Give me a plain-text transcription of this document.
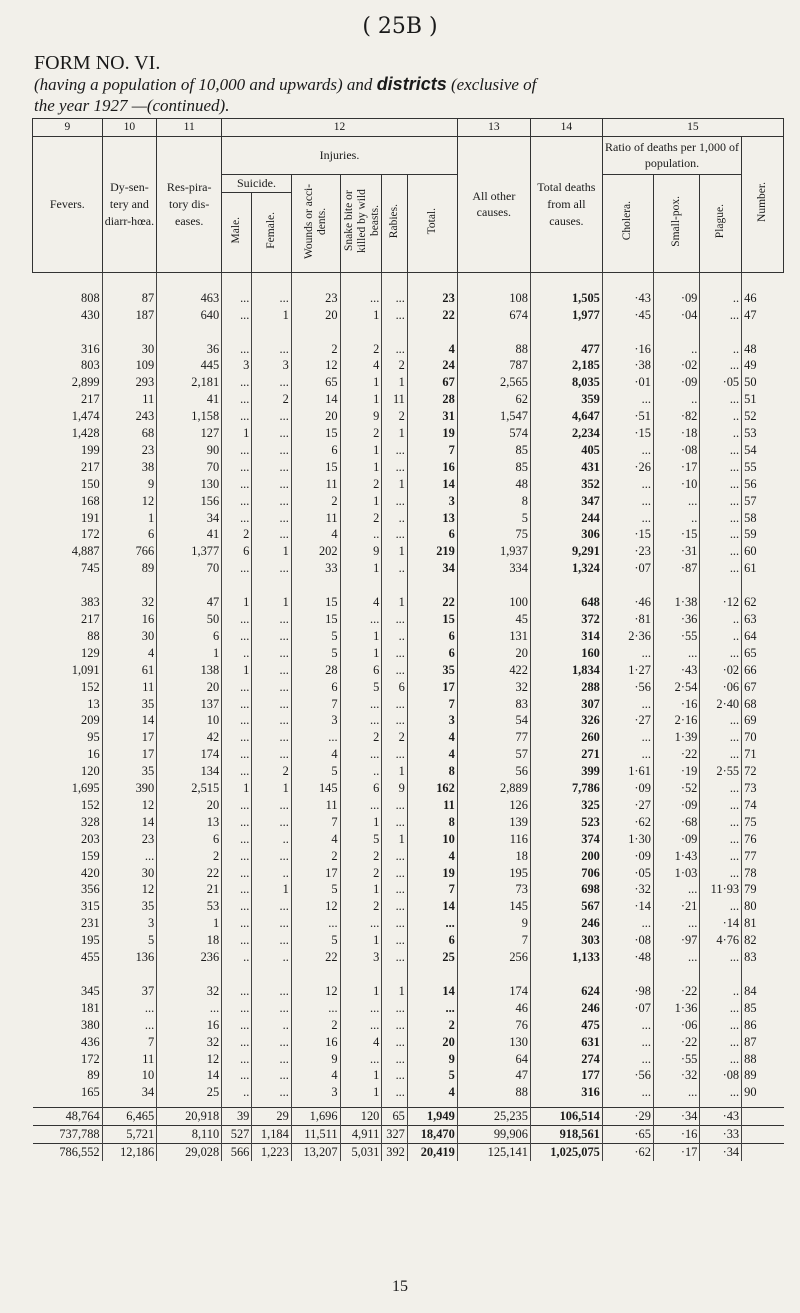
( 25B )
FORM NO. VI.
(having a population of 10,000 and upwards) and districts (exclusive of
the year 1927 —(continued).
9	10	11	12						13	14	15			
Fevers.	Dy-sen-tery and diarr-hœa.	Res-pira-tory dis-eases.	Injuries.						All other causes.	Total deaths from all causes.	Ratio of deaths per 1,000 of population.			Number.
			Suicide.		Wounds or acci-dents.	Snake bite or killed by wild beasts.	Rabies.	Total.			Cholera.	Small-pox.	Plague.	
			Male.	Female.										

808	87	463	...	...	23	...	...	23	108	1,505	·43	·09	..	46
430	187	640	...	1	20	1	...	22	674	1,977	·45	·04	...	47

316	30	36	...	...	2	2	...	4	88	477	·16	..	..	48
803	109	445	3	3	12	4	2	24	787	2,185	·38	·02	...	49
2,899	293	2,181	...	...	65	1	1	67	2,565	8,035	·01	·09	·05	50
217	11	41	...	2	14	1	11	28	62	359	...	..	...	51
1,474	243	1,158	...	...	20	9	2	31	1,547	4,647	·51	·82	..	52
1,428	68	127	1	...	15	2	1	19	574	2,234	·15	·18	..	53
199	23	90	...	...	6	1	...	7	85	405	...	·08	...	54
217	38	70	...	...	15	1	...	16	85	431	·26	·17	...	55
150	9	130	...	...	11	2	1	14	48	352	...	·10	...	56
168	12	156	...	...	2	1	...	3	8	347	...	...	...	57
191	1	34	...	...	11	2	..	13	5	244	...	..	...	58
172	6	41	2	...	4	..	...	6	75	306	·15	·15	...	59
4,887	766	1,377	6	1	202	9	1	219	1,937	9,291	·23	·31	...	60
745	89	70	...	...	33	1	..	34	334	1,324	·07	·87	...	61

383	32	47	1	1	15	4	1	22	100	648	·46	1·38	·12	62
217	16	50	...	...	15	...	...	15	45	372	·81	·36	..	63
88	30	6	...	...	5	1	..	6	131	314	2·36	·55	..	64
129	4	1	..	...	5	1	...	6	20	160	...	...	...	65
1,091	61	138	1	...	28	6	...	35	422	1,834	1·27	·43	·02	66
152	11	20	...	...	6	5	6	17	32	288	·56	2·54	·06	67
13	35	137	...	...	7	...	...	7	83	307	...	·16	2·40	68
209	14	10	...	...	3	...	...	3	54	326	·27	2·16	...	69
95	17	42	...	...	...	2	2	4	77	260	...	1·39	...	70
16	17	174	...	...	4	...	...	4	57	271	...	·22	...	71
120	35	134	...	2	5	..	1	8	56	399	1·61	·19	2·55	72
1,695	390	2,515	1	1	145	6	9	162	2,889	7,786	·09	·52	...	73
152	12	20	...	...	11	...	...	11	126	325	·27	·09	...	74
328	14	13	...	...	7	1	...	8	139	523	·62	·68	...	75
203	23	6	...	..	4	5	1	10	116	374	1·30	·09	...	76
159	...	2	...	...	2	2	...	4	18	200	·09	1·43	...	77
420	30	22	...	..	17	2	...	19	195	706	·05	1·03	...	78
356	12	21	...	1	5	1	...	7	73	698	·32	...	11·93	79
315	35	53	...	...	12	2	...	14	145	567	·14	·21	...	80
231	3	1	...	...	...	...	...	...	9	246	...	...	·14	81
195	5	18	...	...	5	1	...	6	7	303	·08	·97	4·76	82
455	136	236	..	..	22	3	...	25	256	1,133	·48	...	...	83

345	37	32	...	...	12	1	1	14	174	624	·98	·22	..	84
181	...	...	...	...	...	...	...	...	46	246	·07	1·36	...	85
380	...	16	...	..	2	...	...	2	76	475	...	·06	...	86
436	7	32	...	...	16	4	...	20	130	631	...	·22	...	87
172	11	12	...	...	9	...	...	9	64	274	...	·55	...	88
89	10	14	...	...	4	1	...	5	47	177	·56	·32	·08	89
165	34	25	..	...	3	1	...	4	88	316	...	...	...	90

48,764	6,465	20,918	39	29	1,696	120	65	1,949	25,235	106,514	·29	·34	·43	
737,788	5,721	8,110	527	1,184	11,511	4,911	327	18,470	99,906	918,561	·65	·16	·33	
786,552	12,186	29,028	566	1,223	13,207	5,031	392	20,419	125,141	1,025,075	·62	·17	·34	
15
